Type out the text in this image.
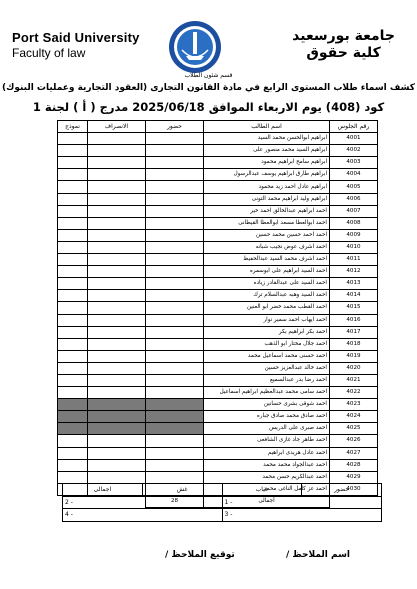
Port Said University
Faculty of law
جامعة بورسعيد
كلية حقوق
قسم شئون الطلاب
كشف اسماء طلاب المستوى الرابع في مادة القانون التجارى (العقود التجارية وعمليات البنوك)
كود (408) يوم الاربعاء الموافق 2025/06/18 مدرج ( أ ) لجنة 1
نموذج	الانصراف	حضور	اسم الطالب	رقم الجلوس
			ابراهيم ابوالحسن محمد السيد	4001
			ابراهيم السيد محمد منصور على	4002
			ابراهيم سامح ابراهيم محمود	4003
			ابراهيم طارق ابراهيم يوسف عبدالرسول	4004
			ابراهيم عادل احمد زيد محمود	4005
			ابراهيم وليد ابراهيم محمد التونى	4006
			احمد ابراهيم عبدالخالق احمد خير	4007
			احمد ابوالعطا مسعد ابوالعطا القيطانى	4008
			احمد احمد حسين محمد حسين	4009
			احمد اشرف عوض نجيب شبانه	4010
			احمد اشرف محمد السيد عبدالحفيظ	4011
			احمد السيد ابراهيم على ابوسمره	4012
			احمد السيد على عبدالقادر زياده	4013
			احمد السيد وهبه عبدالسلام ترك	4014
			احمد القطب محمد خضر ابو العنين	4015
			احمد ايهاب احمد سمير نوار	4016
			احمد بكر ابراهيم بكر	4017
			احمد جلال مختار ابو الذهب	4018
			احمد حسنى محمد اسماعيل محمد	4019
			احمد خالد عبدالعزيز حسين	4020
			احمد رضا بدر عبدالسميع	4021
			احمد سامى محمد عبدالعظيم ابراهيم اسماعيل	4022
			احمد شوقى بشرى حسانين	4023
			احمد صادق محمد صادق جباره	4024
			احمد صبرى على الدريس	4025
			احمد طاهر جاد غازى الشافعى	4026
			احمد عادل هريدى ابراهيم	4027
			احمد عبدالجواد محمد محمد	4028
			احمد عبدالكريم حسن محمد	4029
			احمد عز كامل الناغى محمد	4030
		28	أجمالى	
اجمالى	غش	غياب	حضور
2 -		1 -	
4 -		3 -	
توقيع الملاحظ /	اسم الملاحظ /
